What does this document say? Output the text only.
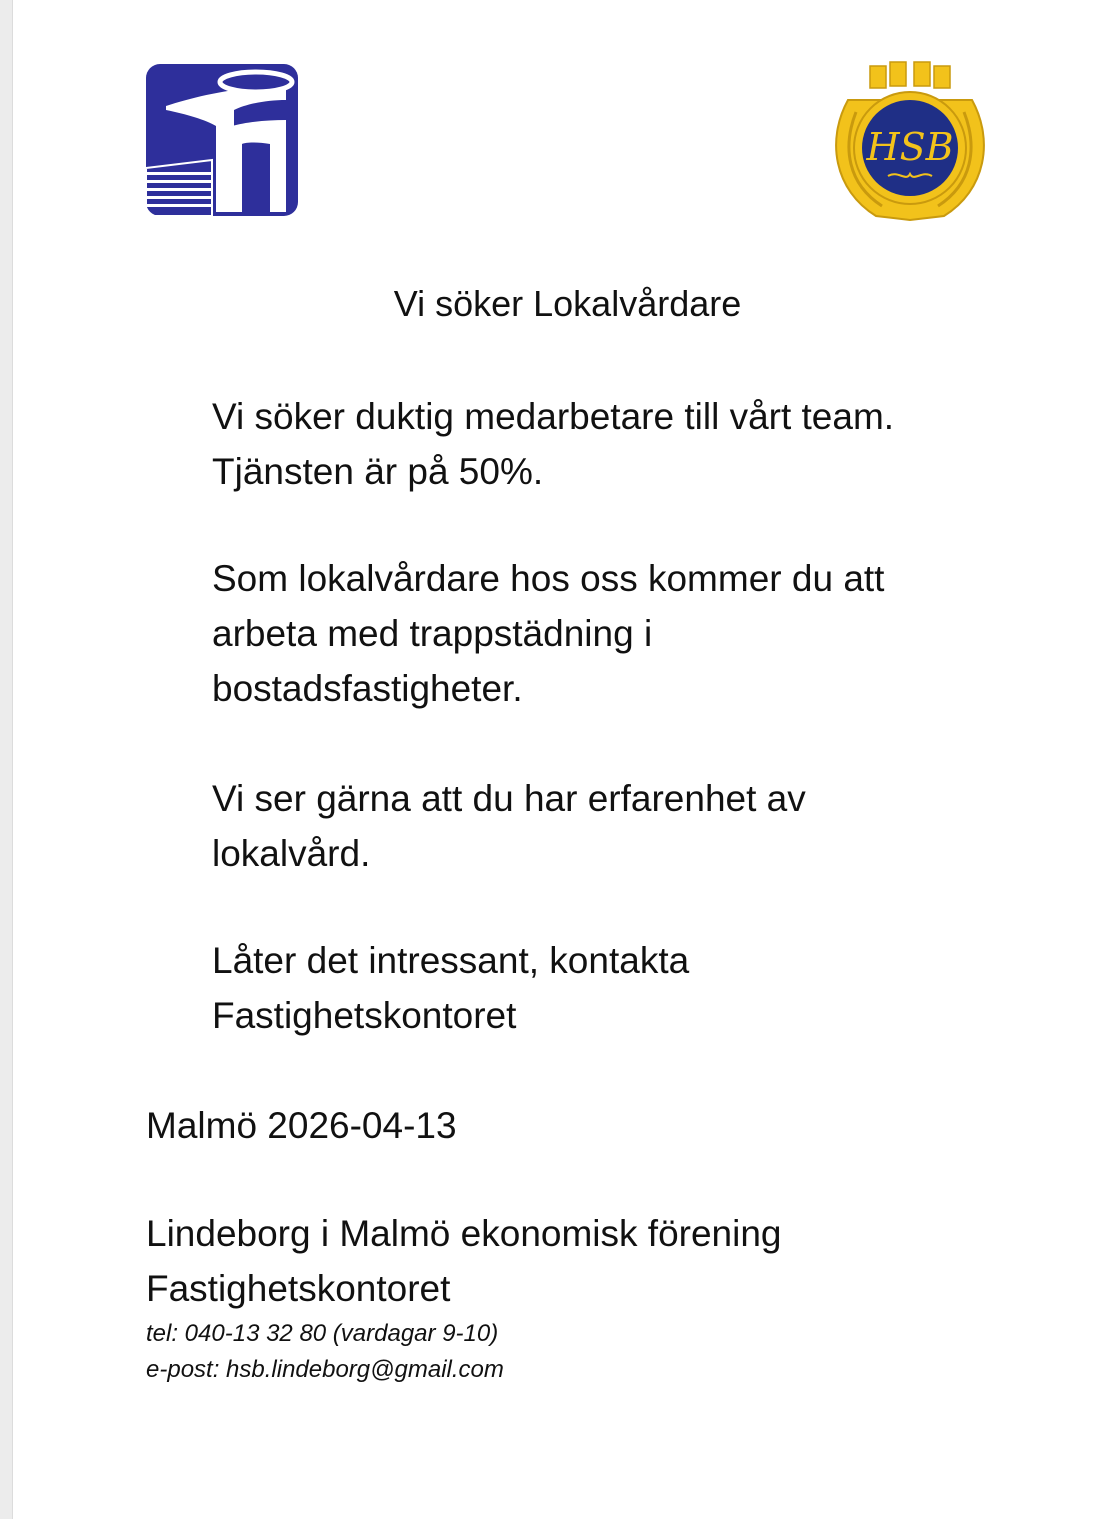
HSB
Vi söker Lokalvårdare

Vi söker duktig medarbetare till vårt team.

Tjänsten är på 50%.

Som lokalvårdare hos oss kommer du att

arbeta med trappstädning i

bostadsfastigheter.

Vi ser gärna att du har erfarenhet av

lokalvård.

Låter det intressant, kontakta

Fastighetskontoret

Malmö 2026-04-13
Lindeborg i Malmö ekonomisk förening
Fastighetskontoret
tel: 040-13 32 80 (vardagar 9-10)
e-post: hsb.lindeborg@gmail.com
